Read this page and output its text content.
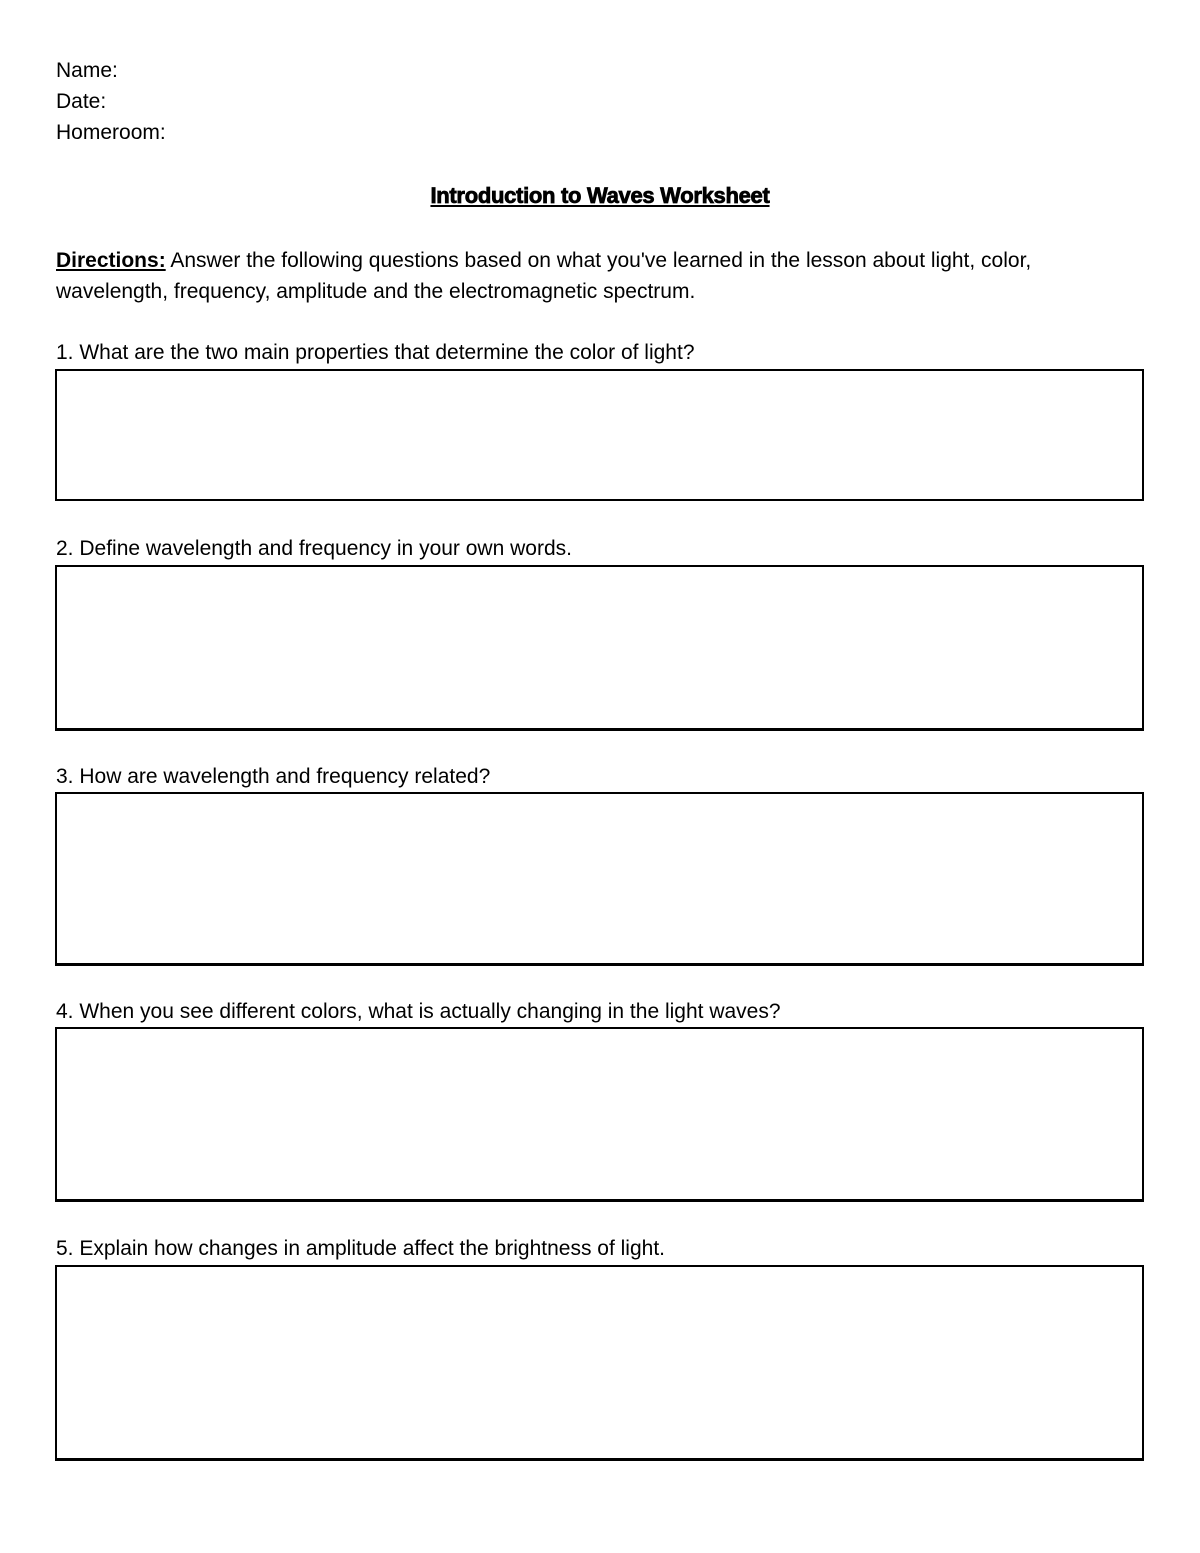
Name:
Date:
Homeroom:
Introduction to Waves Worksheet
Directions: Answer the following questions based on what you've learned in the lesson about light, color, wavelength, frequency, amplitude and the electromagnetic spectrum.
1. What are the two main properties that determine the color of light?
2. Define wavelength and frequency in your own words.
3. How are wavelength and frequency related?
4. When you see different colors, what is actually changing in the light waves?
5. Explain how changes in amplitude affect the brightness of light.
